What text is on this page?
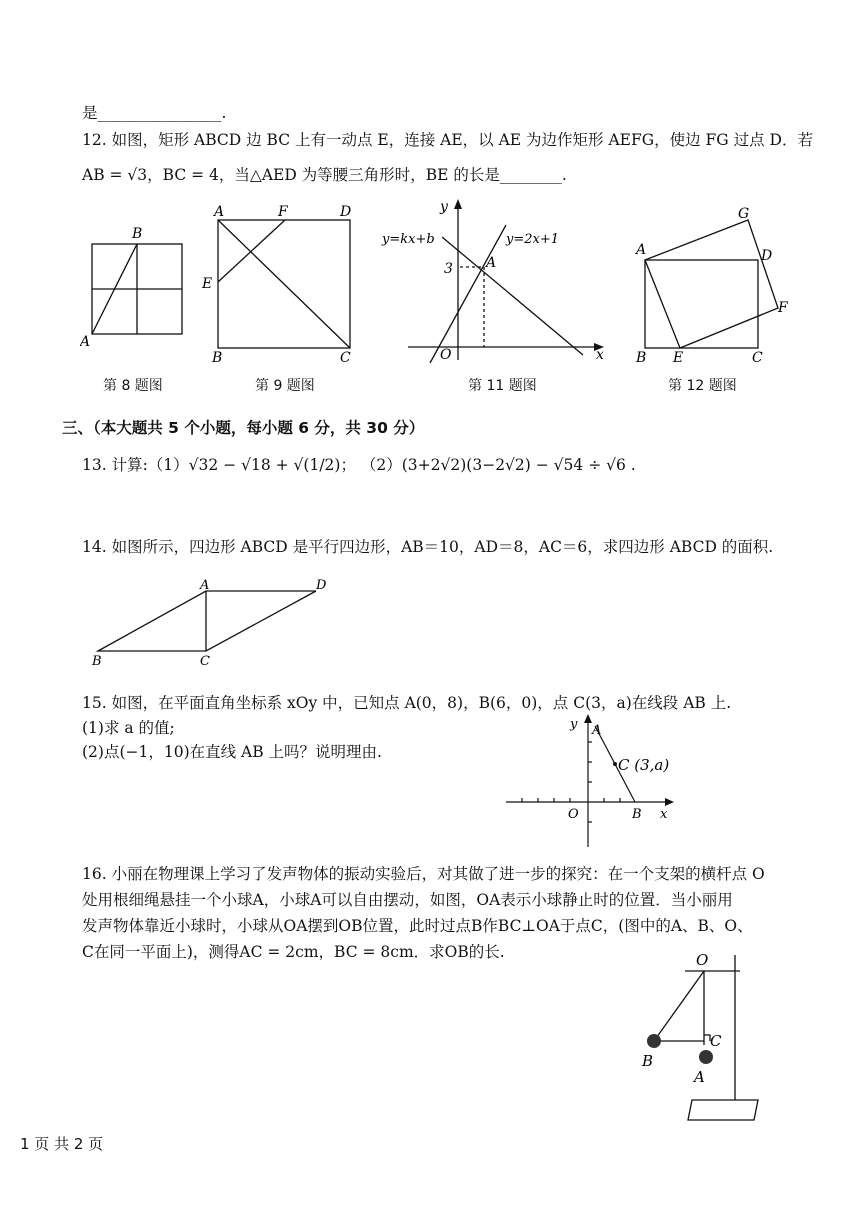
是________________.
12. 如图，矩形 ABCD 边 BC 上有一动点 E，连接 AE，以 AE 为边作矩形 AEFG，使边 FG 过点 D．若
AB = √3，BC = 4，当△AED 为等腰三角形时，BE 的长是________.
B
A
第 8 题图
A	F	D
E
B	C
第 9 题图
y
x
O
A
3
y=kx+b	y=2x+1
第 11 题图
G
A	D
F
B E	C
第 12 题图
三、（本大题共 5 个小题，每小题 6 分，共 30 分）
13. 计算:（1）√32 − √18 + √(1/2)； （2）(3+2√2)(3−2√2) − √54 ÷ √6 .
14. 如图所示，四边形 ABCD 是平行四边形，AB＝10，AD＝8，AC＝6，求四边形 ABCD 的面积.
A	D
B	C
15. 如图，在平面直角坐标系 xOy 中，已知点 A(0，8)，B(6，0)，点 C(3，a)在线段 AB 上.
(1)求 a 的值;
(2)点(−1，10)在直线 AB 上吗？说明理由.
y A
C (3,a)
O	B x
16. 小丽在物理课上学习了发声物体的振动实验后，对其做了进一步的探究：在一个支架的横杆点 O
处用根细绳悬挂一个小球A，小球A可以自由摆动，如图，OA表示小球静止时的位置．当小丽用
发声物体靠近小球时，小球从OA摆到OB位置，此时过点B作BC⊥OA于点C，(图中的A、B、O、
C在同一平面上)，测得AC = 2cm，BC = 8cm．求OB的长.	O
C
B
A
1 页 共 2 页
